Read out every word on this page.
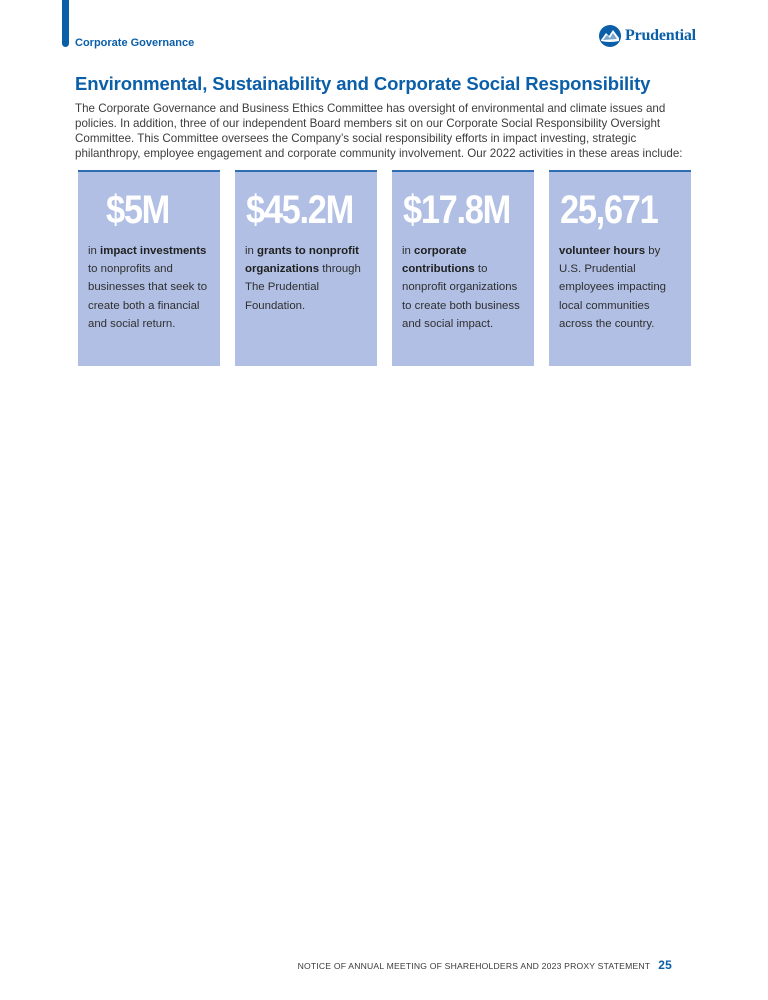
Corporate Governance	Prudential
Environmental, Sustainability and Corporate Social Responsibility

The Corporate Governance and Business Ethics Committee has oversight of environmental and climate issues and policies. In addition, three of our independent Board members sit on our Corporate Social Responsibility Oversight Committee. This Committee oversees the Company’s social responsibility efforts in impact investing, strategic philanthropy, employee engagement and corporate community involvement. Our 2022 activities in these areas include:

$5M
in impact investments to nonprofits and businesses that seek to create both a financial and social return.
$45.2M
in grants to nonprofit organizations through The Prudential Foundation.
$17.8M
in corporate contributions to nonprofit organizations to create both business and social impact.
25,671
volunteer hours by U.S. Prudential employees impacting local communities across the country.
NOTICE OF ANNUAL MEETING OF SHAREHOLDERS AND 2023 PROXY STATEMENT 25
